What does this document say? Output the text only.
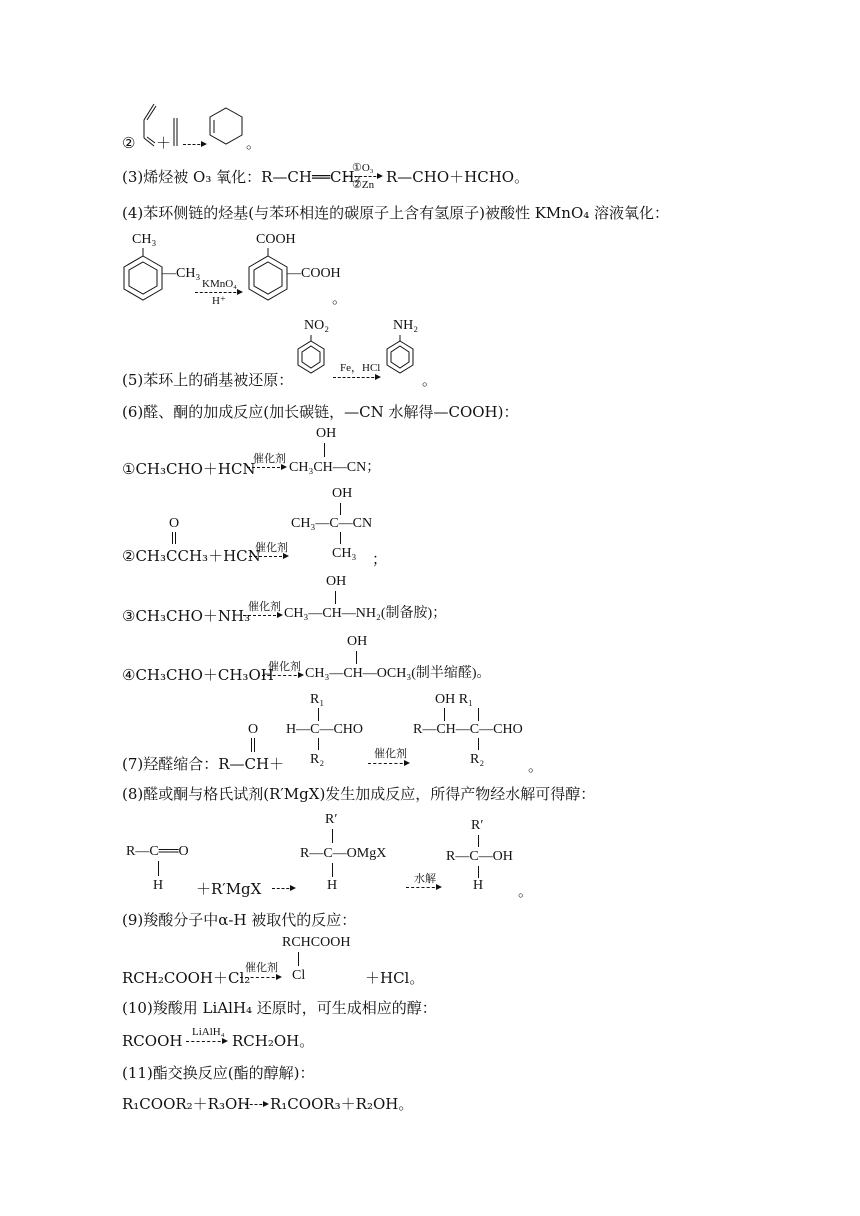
② ＋ →	。
(3)烯烃被 O₃ 氧化：R—CH══CH₂
①O₃
②Zn R—CHO＋HCHO。
(4)苯环侧链的烃基(与苯环相连的碳原子上含有氢原子)被酸性 KMnO₄ 溶液氧化：
CH₃
—CH₃
KMnO₄
H⁺
COOH
—COOH
。
NO₂
(5)苯环上的硝基被还原：
Fe，HCl
NH₂
。
(6)醛、酮的加成反应(加长碳链，—CN 水解得—COOH)：
OH
①CH₃CHO＋HCN
催化剂
→ CH₃CH—CN；
OH
O	CH₃—C—CN
②CH₃CCH₃＋HCN
催化剂	CH₃ ；
OH
③CH₃CHO＋NH₃
催化剂 → CH₃—CH—NH₂(制备胺)；
OH
④CH₃CHO＋CH₃OH
催化剂 → CH₃—CH—OCH₃(制半缩醛)。
R₁	OH R₁
O H—C—CHO	R—CH—C—CHO
催化剂
R₂	R₂
(7)羟醛缩合：R—CH＋	。
(8)醛或酮与格氏试剂(R′MgX)发生加成反应，所得产物经水解可得醇：
R′	R′
R—C══O	R—C—OMgX	R—C—OH
水解
H ＋R′MgX → H	H 。
(9)羧酸分子中α-H 被取代的反应：
RCHCOOH
RCH₂COOH＋Cl₂
催化剂 → Cl	＋HCl。
(10)羧酸用 LiAlH₄ 还原时，可生成相应的醇：
RCOOH LiAlH₄ → RCH₂OH。
(11)酯交换反应(酯的醇解)：
R₁COOR₂＋R₃OH → R₁COOR₃＋R₂OH。
